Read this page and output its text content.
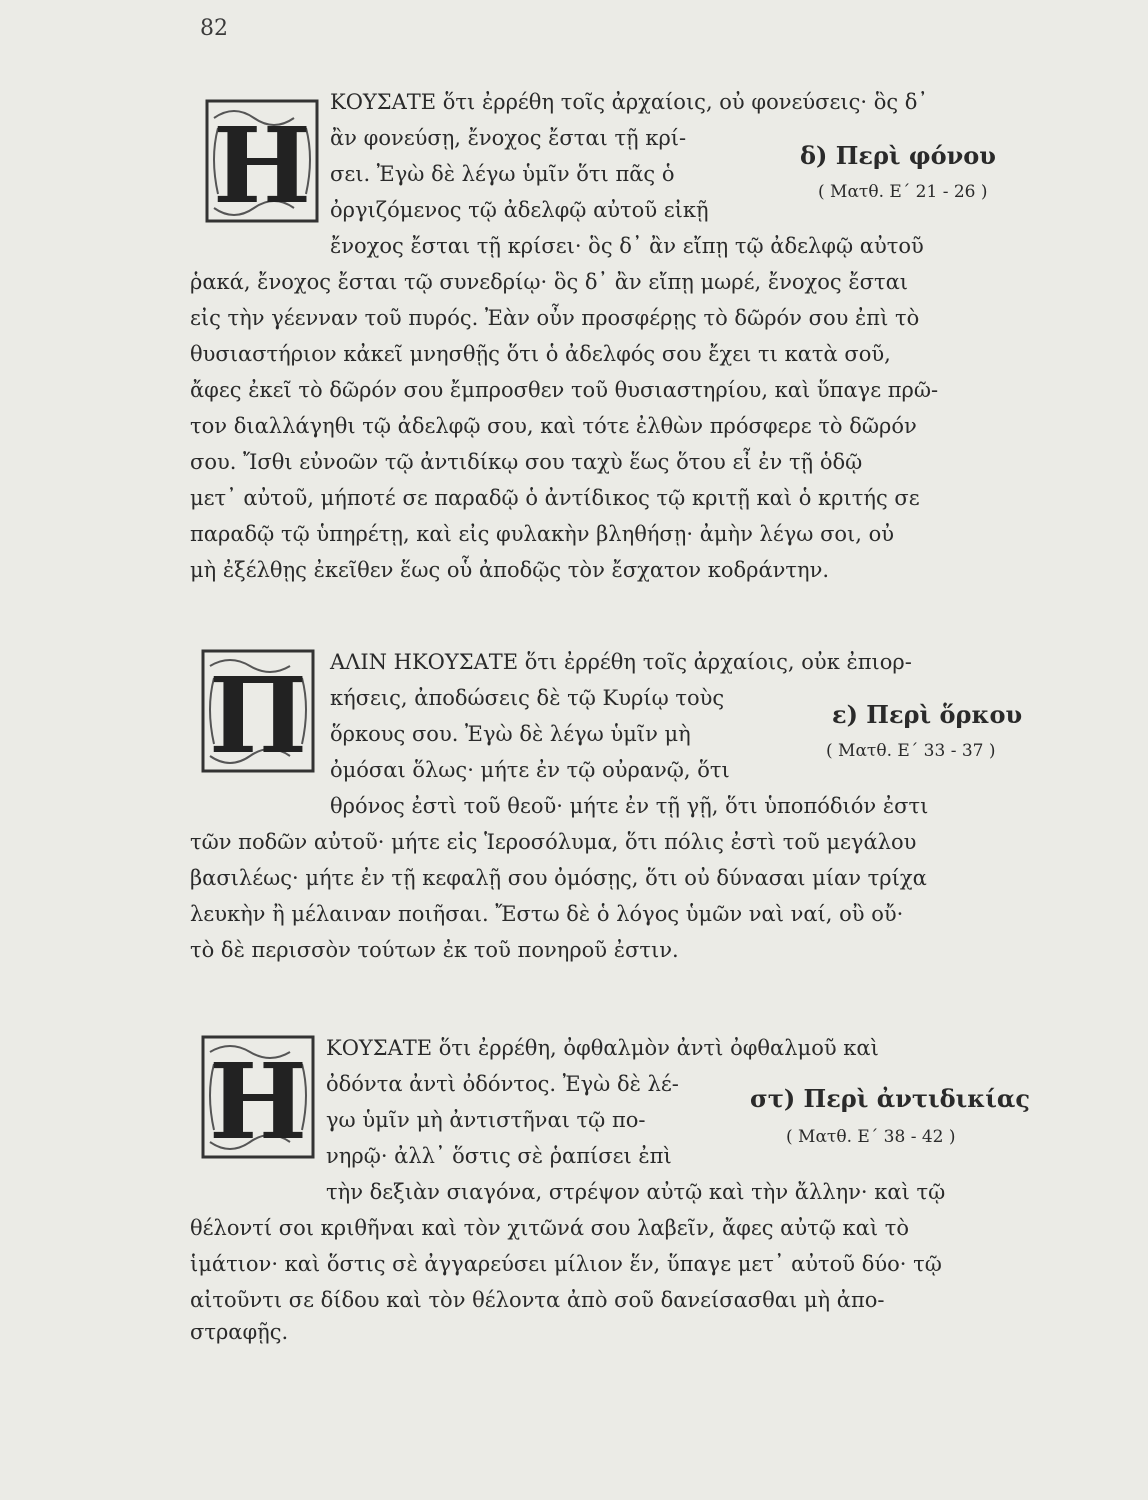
82
Η
ΚΟΥΣΑΤΕ ὅτι ἐρρέθη τοῖς ἀρχαίοις, οὐ φονεύσεις· ὃς δ᾽
ἂν φονεύσῃ, ἔνοχος ἔσται τῇ κρί-
σει. Ἐγὼ δὲ λέγω ὑμῖν ὅτι πᾶς ὁ
ὀργιζόμενος τῷ ἀδελφῷ αὐτοῦ εἰκῇ
δ) Περὶ φόνου
( Ματθ. Ε΄ 21 - 26 )
ἔνοχος ἔσται τῇ κρίσει· ὃς δ᾽ ἂν εἴπῃ τῷ ἀδελφῷ αὐτοῦ
ῥακά, ἔνοχος ἔσται τῷ συνεδρίῳ· ὃς δ᾽ ἂν εἴπῃ μωρέ, ἔνοχος ἔσται
εἰς τὴν γέενναν τοῦ πυρός. Ἐὰν οὖν προσφέρῃς τὸ δῶρόν σου ἐπὶ τὸ
θυσιαστήριον κἀκεῖ μνησθῇς ὅτι ὁ ἀδελφός σου ἔχει τι κατὰ σοῦ,
ἄφες ἐκεῖ τὸ δῶρόν σου ἔμπροσθεν τοῦ θυσιαστηρίου, καὶ ὕπαγε πρῶ-
τον διαλλάγηθι τῷ ἀδελφῷ σου, καὶ τότε ἐλθὼν πρόσφερε τὸ δῶρόν
σου. Ἴσθι εὐνοῶν τῷ ἀντιδίκῳ σου ταχὺ ἕως ὅτου εἶ ἐν τῇ ὁδῷ
μετ᾽ αὐτοῦ, μήποτέ σε παραδῷ ὁ ἀντίδικος τῷ κριτῇ καὶ ὁ κριτής σε
παραδῷ τῷ ὑπηρέτῃ, καὶ εἰς φυλακὴν βληθήσῃ· ἀμὴν λέγω σοι, οὐ
μὴ ἐξέλθῃς ἐκεῖθεν ἕως οὗ ἀποδῷς τὸν ἔσχατον κοδράντην.
Π ΑΛΙΝ ΗΚΟΥΣΑΤΕ ὅτι ἐρρέθη τοῖς ἀρχαίοις, οὐκ ἐπιορ-
κήσεις, ἀποδώσεις δὲ τῷ Κυρίῳ τοὺς
ὅρκους σου. Ἐγὼ δὲ λέγω ὑμῖν μὴ
ὀμόσαι ὅλως· μήτε ἐν τῷ οὐρανῷ, ὅτι
ε) Περὶ ὅρκου
( Ματθ. Ε΄ 33 - 37 )
θρόνος ἐστὶ τοῦ θεοῦ· μήτε ἐν τῇ γῇ, ὅτι ὑποπόδιόν ἐστι
τῶν ποδῶν αὐτοῦ· μήτε εἰς Ἱεροσόλυμα, ὅτι πόλις ἐστὶ τοῦ μεγάλου
βασιλέως· μήτε ἐν τῇ κεφαλῇ σου ὀμόσῃς, ὅτι οὐ δύνασαι μίαν τρίχα
λευκὴν ἢ μέλαιναν ποιῆσαι. Ἔστω δὲ ὁ λόγος ὑμῶν ναὶ ναί, οὒ οὔ·
τὸ δὲ περισσὸν τούτων ἐκ τοῦ πονηροῦ ἐστιν.
Η ΚΟΥΣΑΤΕ ὅτι ἐρρέθη, ὀφθαλμὸν ἀντὶ ὀφθαλμοῦ καὶ
ὀδόντα ἀντὶ ὀδόντος. Ἐγὼ δὲ λέ-
γω ὑμῖν μὴ ἀντιστῆναι τῷ πο-
νηρῷ· ἀλλ᾽ ὅστις σὲ ῥαπίσει ἐπὶ
στ) Περὶ ἀντιδικίας
( Ματθ. Ε΄ 38 - 42 )
τὴν δεξιὰν σιαγόνα, στρέψον αὐτῷ καὶ τὴν ἄλλην· καὶ τῷ
θέλοντί σοι κριθῆναι καὶ τὸν χιτῶνά σου λαβεῖν, ἄφες αὐτῷ καὶ τὸ
ἱμάτιον· καὶ ὅστις σὲ ἀγγαρεύσει μίλιον ἕν, ὕπαγε μετ᾽ αὐτοῦ δύο· τῷ
αἰτοῦντι σε δίδου καὶ τὸν θέλοντα ἀπὸ σοῦ δανείσασθαι μὴ ἀπο-
στραφῇς.
